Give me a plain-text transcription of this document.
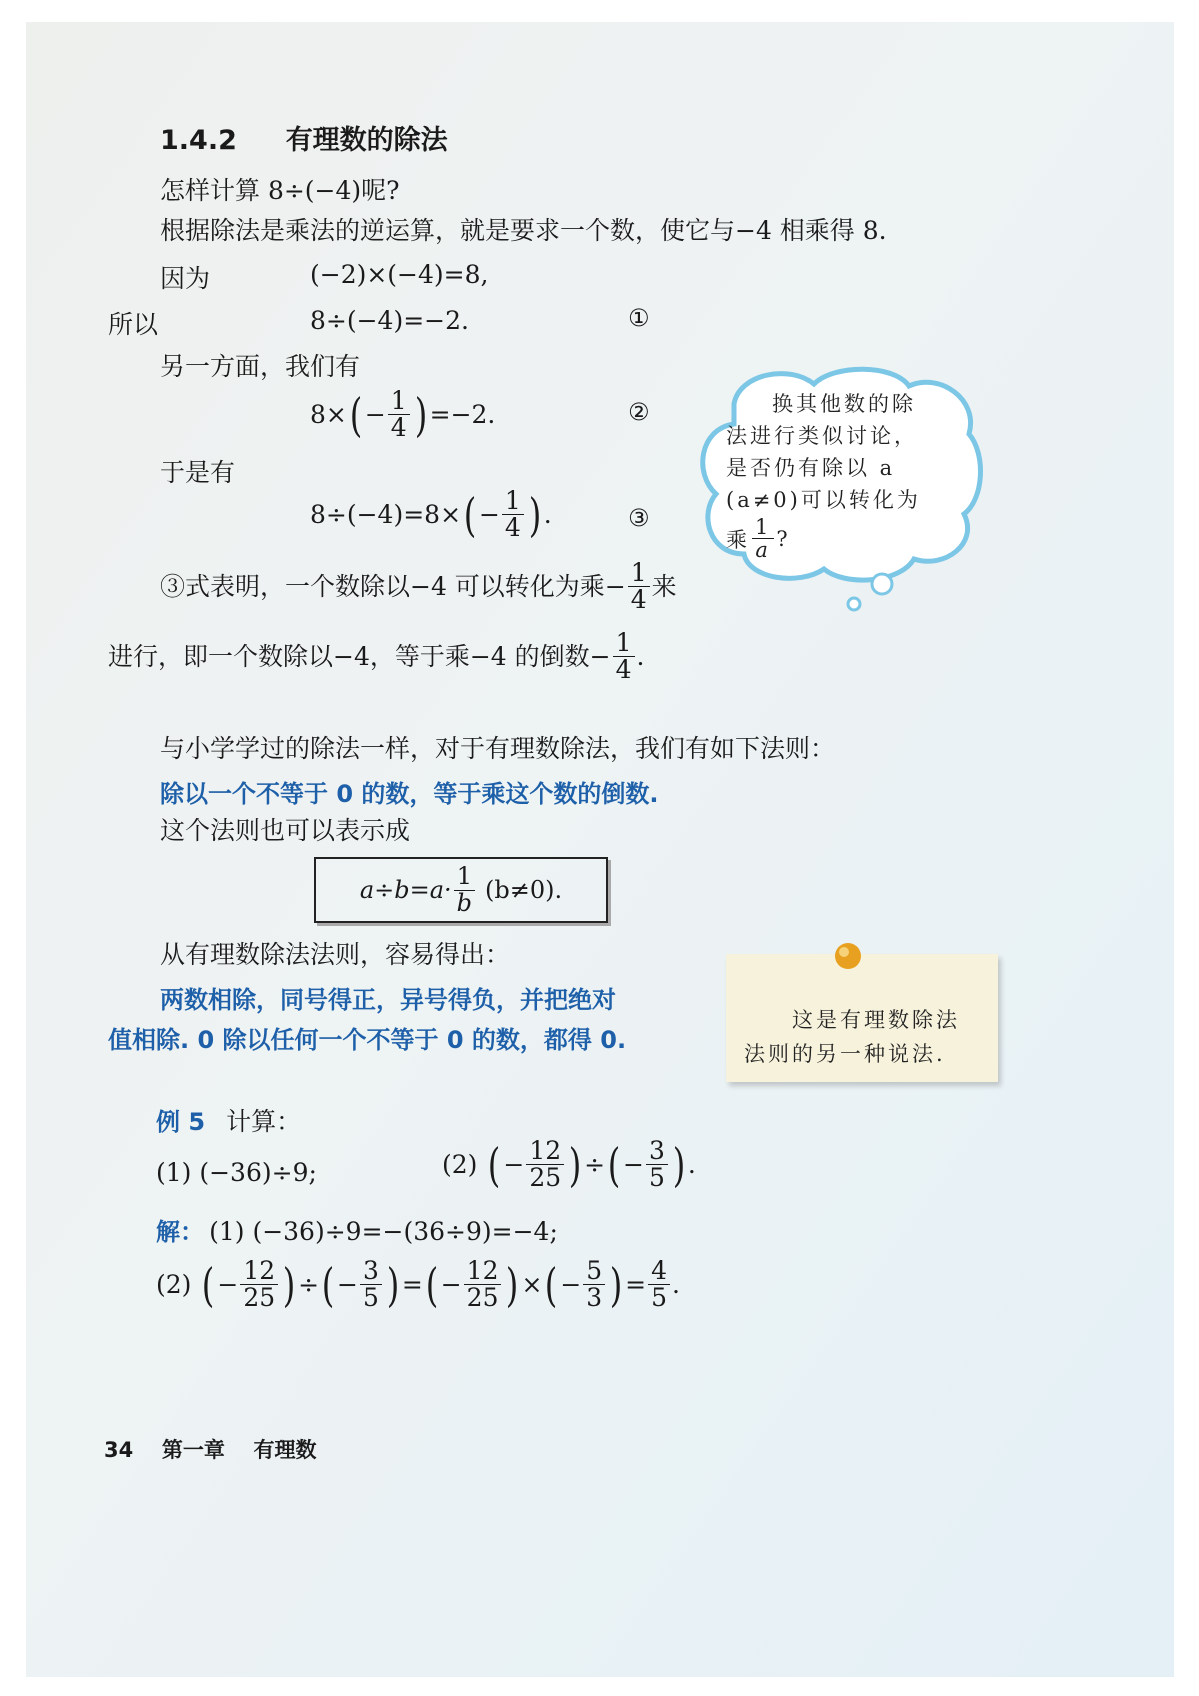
1.4.2 有理数的除法
怎样计算 8÷(−4)呢?
根据除法是乘法的逆运算，就是要求一个数，使它与−4 相乘得 8.
因为	(−2)×(−4)=8,
所以	8÷(−4)=−2.	①
另一方面，我们有
8× ( − $\frac{1}{4}$ ) =−2.	②
于是有
8÷(−4)=8× ( − $\frac{1}{4}$ ) .	③
③式表明，一个数除以−4 可以转化为乘 − $\frac{1}{4}$ 来
进行，即一个数除以−4，等于乘−4 的倒数 − $\frac{1}{4}$ .
与小学学过的除法一样，对于有理数除法，我们有如下法则：
除以一个不等于 0 的数，等于乘这个数的倒数.
这个法则也可以表示成
$a\div b=a\cdot \frac{1}{b} (b\ne 0)$.
从有理数除法法则，容易得出：
两数相除，同号得正，异号得负，并把绝对
值相除. 0 除以任何一个不等于 0 的数，都得 0.
换其他数的除
法进行类似讨论，
是否仍有除以 a
(a≠0)可以转化为
乘 $\frac{1}{a}$ ?
这是有理数除法
法则的另一种说法.
例 5 计算：
(1) (−36)÷9;	(2) ( − $\frac{12}{25}$ ) ÷ ( − $\frac{3}{5}$ ) .
解： (1) (−36)÷9=−(36÷9)=−4;
(2) ( − $\frac{12}{25}$ ) ÷ ( − $\frac{3}{5}$ ) = ( − $\frac{12}{25}$ ) × ( − $\frac{5}{3}$ ) = $\frac{4}{5}$ .
34 第一章 有理数
